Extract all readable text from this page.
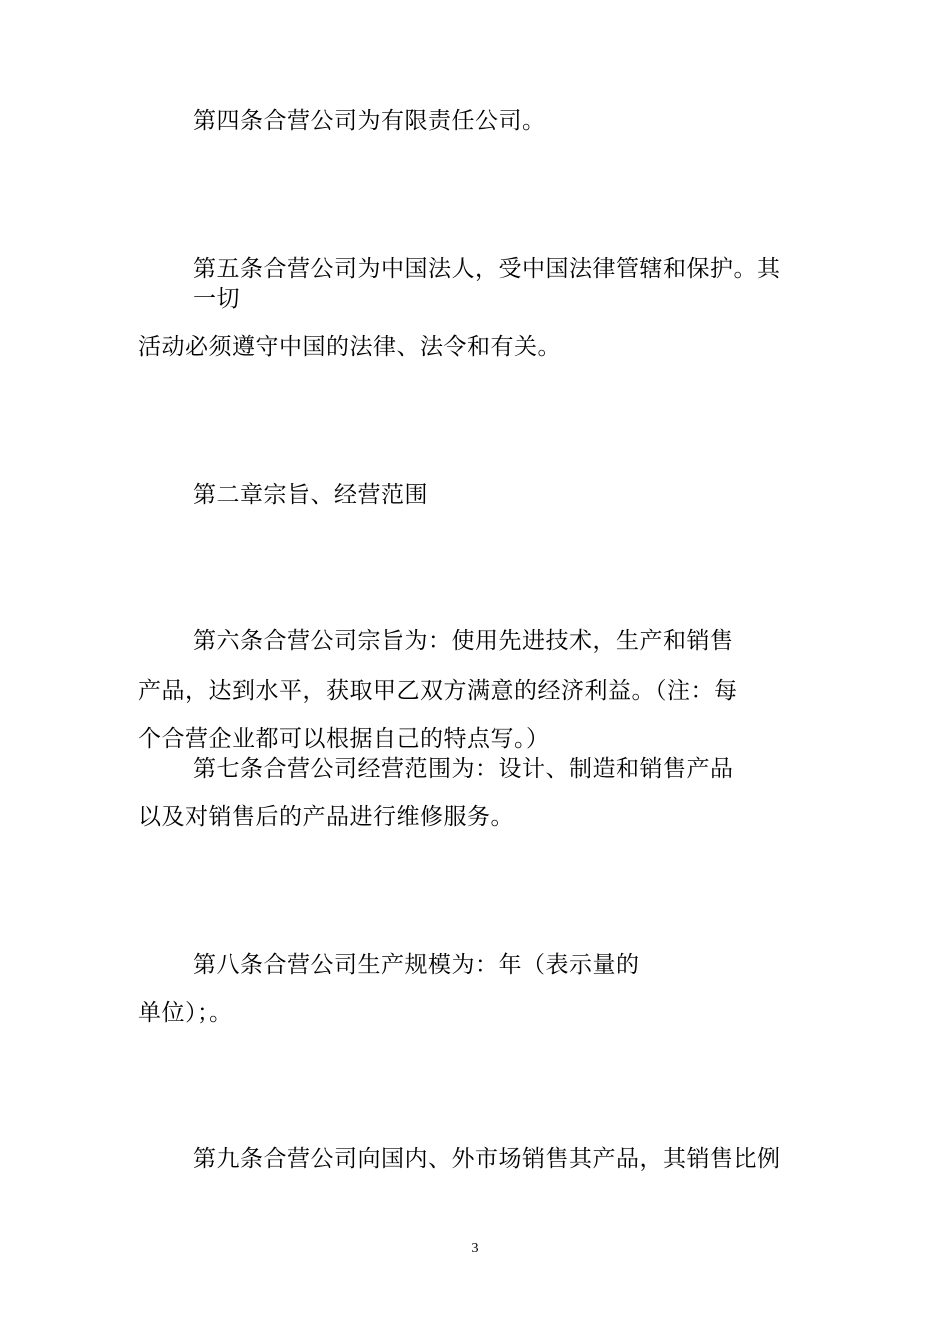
第四条合营公司为有限责任公司。
第五条合营公司为中国法人，受中国法律管辖和保护。其
一切
活动必须遵守中国的法律、法令和有关。
第二章宗旨、经营范围
第六条合营公司宗旨为：使用先进技术，生产和销售
产品，达到水平，获取甲乙双方满意的经济利益。（注：每
个合营企业都可以根据自己的特点写。）
第七条合营公司经营范围为：设计、制造和销售产品
以及对销售后的产品进行维修服务。
第八条合营公司生产规模为：年（表示量的
单位）；。
第九条合营公司向国内、外市场销售其产品，其销售比例
3
